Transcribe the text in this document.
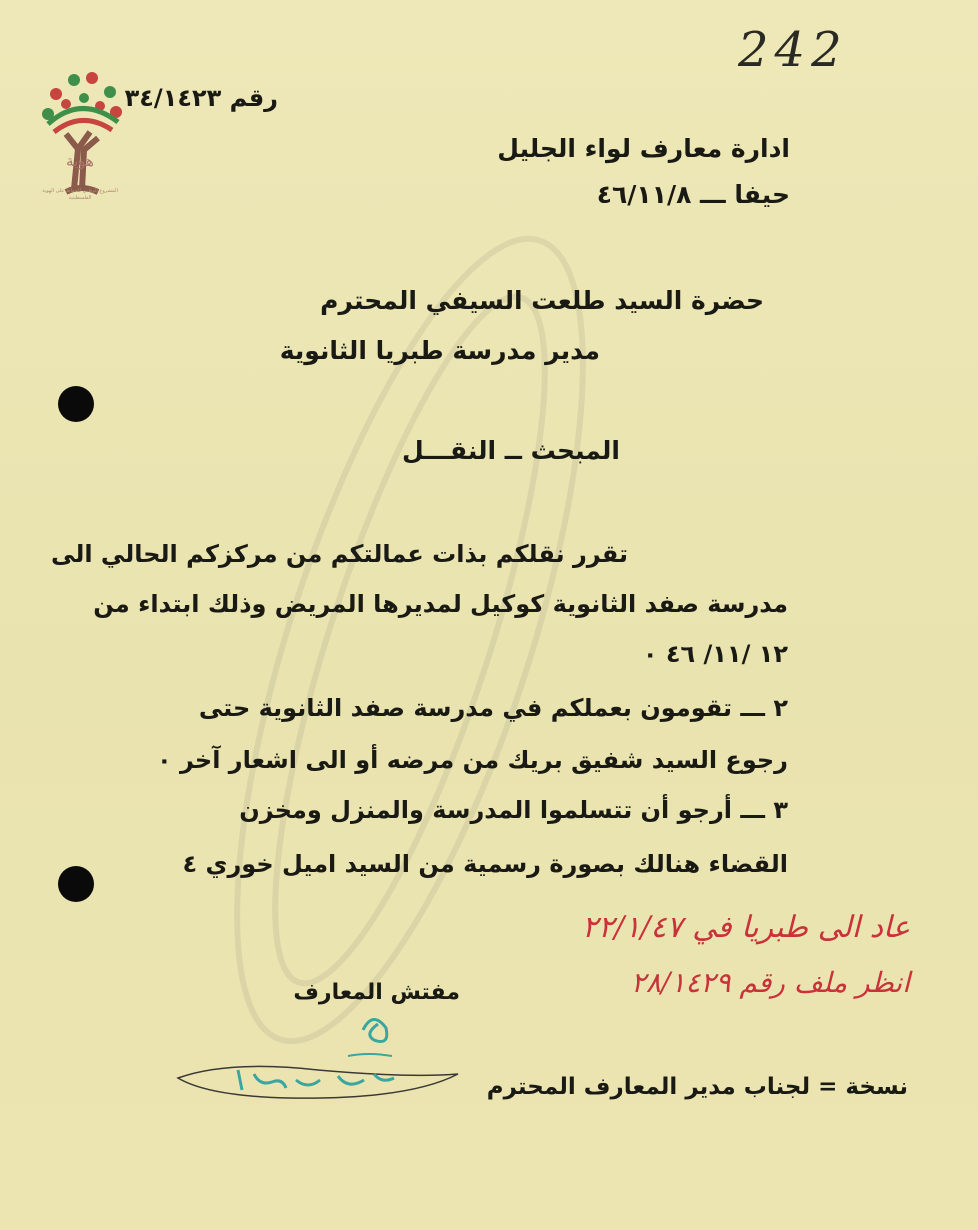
هوية
المشروع الوطني للحفاظ على الهوية الفلسطينية
242
رقم ٣٤/١٤٢٣
ادارة معارف لواء الجليل
حيفا ـــ ٤٦/١١/٨
حضرة السيد طلعت السيفي المحترم
مدير مدرسة طبريا الثانوية
المبحث ــ النقـــل
تقرر نقلكم بذات عمالتكم من مركزكم الحالي الى
مدرسة صفد الثانوية كوكيل لمديرها المريض وذلك ابتداء من
١٢ /١١/ ٤٦ ٠
٢ ـــ تقومون بعملكم في مدرسة صفد الثانوية حتى
رجوع السيد شفيق بريك من مرضه أو الى اشعار آخر ٠
٣ ـــ أرجو أن تتسلموا المدرسة والمنزل ومخزن
القضاء هنالك بصورة رسمية من السيد اميل خوري ٤
عاد الى طبريا في ٢٢/١/٤٧
انظر ملف رقم ٢٨/١٤٢٩
مفتش المعارف
نسخة = لجناب مدير المعارف المحترم
